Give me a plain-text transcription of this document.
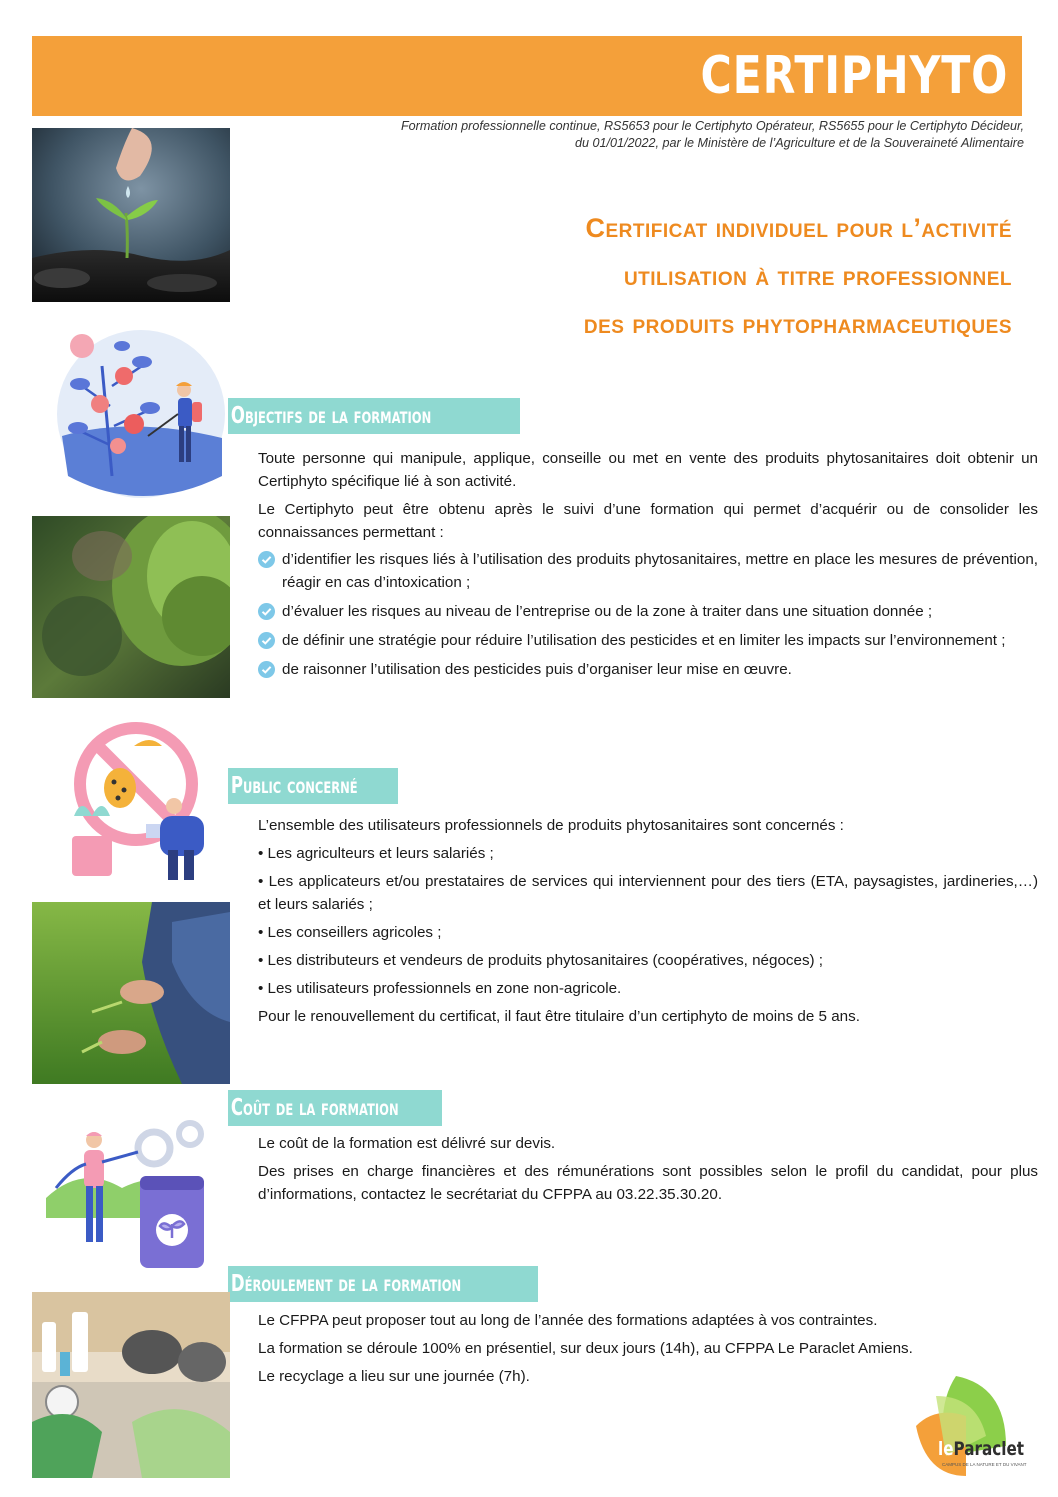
CERTIPHYTO
Formation professionnelle continue, RS5653 pour le Certiphyto Opérateur, RS5655 pour le Certiphyto Décideur,
du 01/01/2022, par le Ministère de l’Agriculture et de la Souveraineté Alimentaire
Certificat individuel pour l’activité
utilisation à titre professionnel
des produits phytopharmaceutiques
Objectifs de la formation

Toute personne qui manipule, applique, conseille ou met en vente des produits phytosanitaires doit obtenir un Certiphyto spécifique lié à son activité.

Le Certiphyto peut être obtenu après le suivi d’une formation qui permet d’acquérir ou de consolider les connaissances permettant :

d’identifier les risques liés à l’utilisation des produits phytosanitaires, mettre en place les mesures de prévention, réagir en cas d’intoxication ;
d’évaluer les risques au niveau de l’entreprise ou de la zone à traiter dans une situation donnée ;
de définir une stratégie pour réduire l’utilisation des pesticides et en limiter les impacts sur l’environnement ;
de raisonner l’utilisation des pesticides puis d’organiser leur mise en œuvre.
Public concerné

L’ensemble des utilisateurs professionnels de produits phytosanitaires sont concernés :

• Les agriculteurs et leurs salariés ;

• Les applicateurs et/ou prestataires de services qui interviennent pour des tiers (ETA, paysagistes, jardineries,…) et leurs salariés ;

• Les conseillers agricoles ;

• Les distributeurs et vendeurs de produits phytosanitaires (coopératives, négoces) ;

• Les utilisateurs professionnels en zone non-agricole.

Pour le renouvellement du certificat, il faut être titulaire d’un certiphyto de moins de 5 ans.

Coût de la formation

Le coût de la formation est délivré sur devis.

Des prises en charge financières et des rémunérations sont possibles selon le profil du candidat, pour plus d’informations, contactez le secrétariat du CFPPA au 03.22.35.30.20.

Déroulement de la formation

Le CFPPA peut proposer tout au long de l’année des formations adaptées à vos contraintes.

La formation se déroule 100% en présentiel, sur deux jours (14h), au CFPPA Le Paraclet Amiens.

Le recyclage a lieu sur une journée (7h).

leParaclet
CAMPUS DE LA NATURE ET DU VIVANT
